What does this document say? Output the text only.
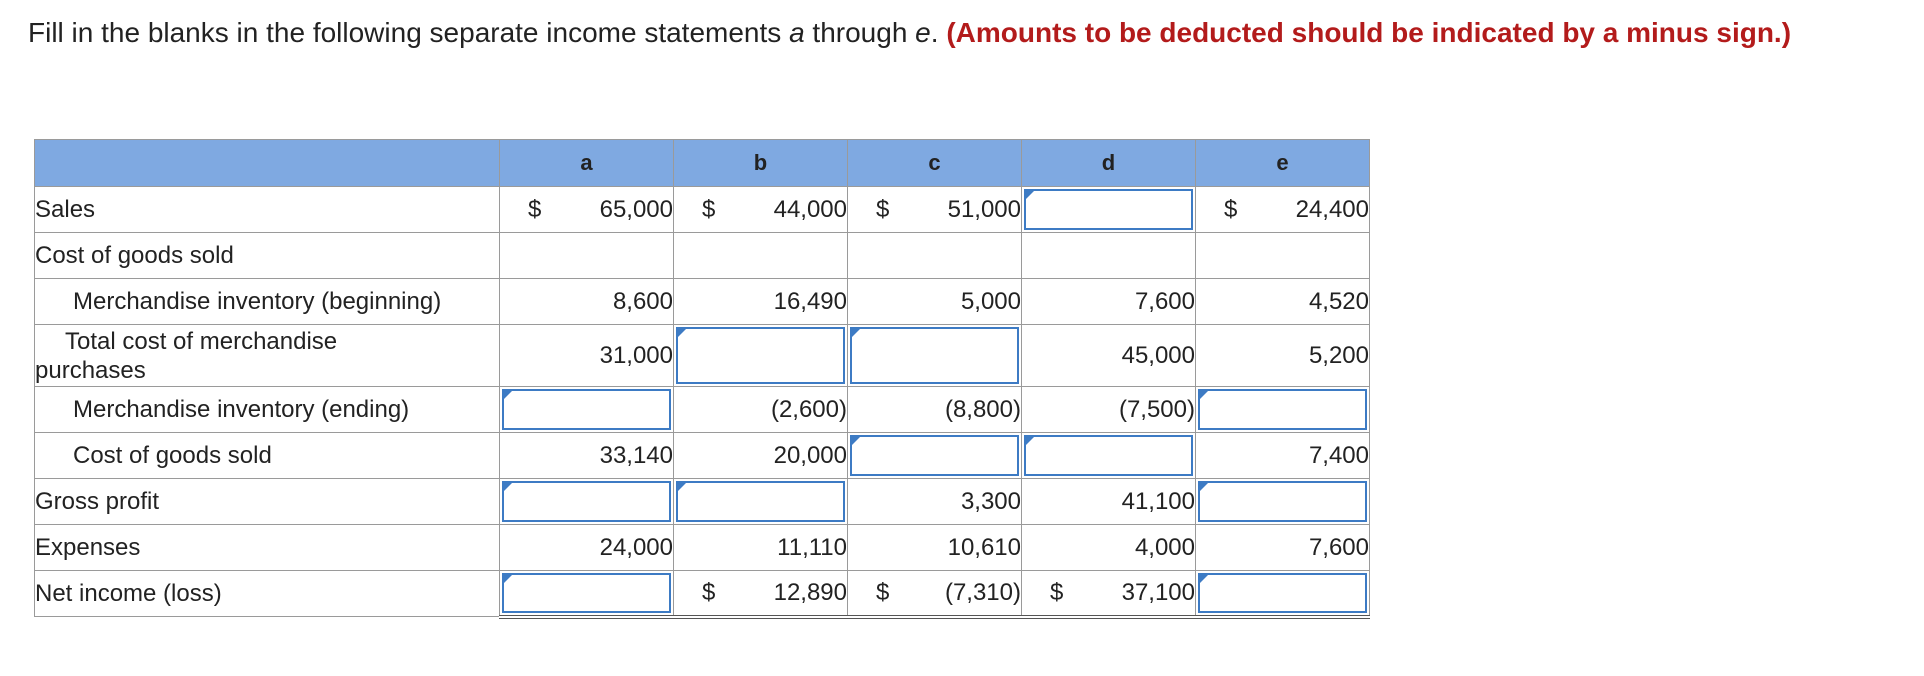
Fill in the blanks in the following separate income statements a through e. (Amounts to be deducted should be indicated by a minus sign.)
	a	b	c	d	e
Sales	$ 65,000	$ 44,000	$ 51,000		$ 24,400
Cost of goods sold					
Merchandise inventory (beginning)	8,600	16,490	5,000	7,600	4,520

Total cost of merchandise
purchases	31,000			45,000	5,200
Merchandise inventory (ending)		(2,600)	(8,800)	(7,500)	

Cost of goods sold	33,140	20,000			7,400
Gross profit			3,300	41,100	

Expenses	24,000	11,110	10,610	4,000	7,600
Net income (loss)		$ 12,890	$ (7,310)	$ 37,100	
